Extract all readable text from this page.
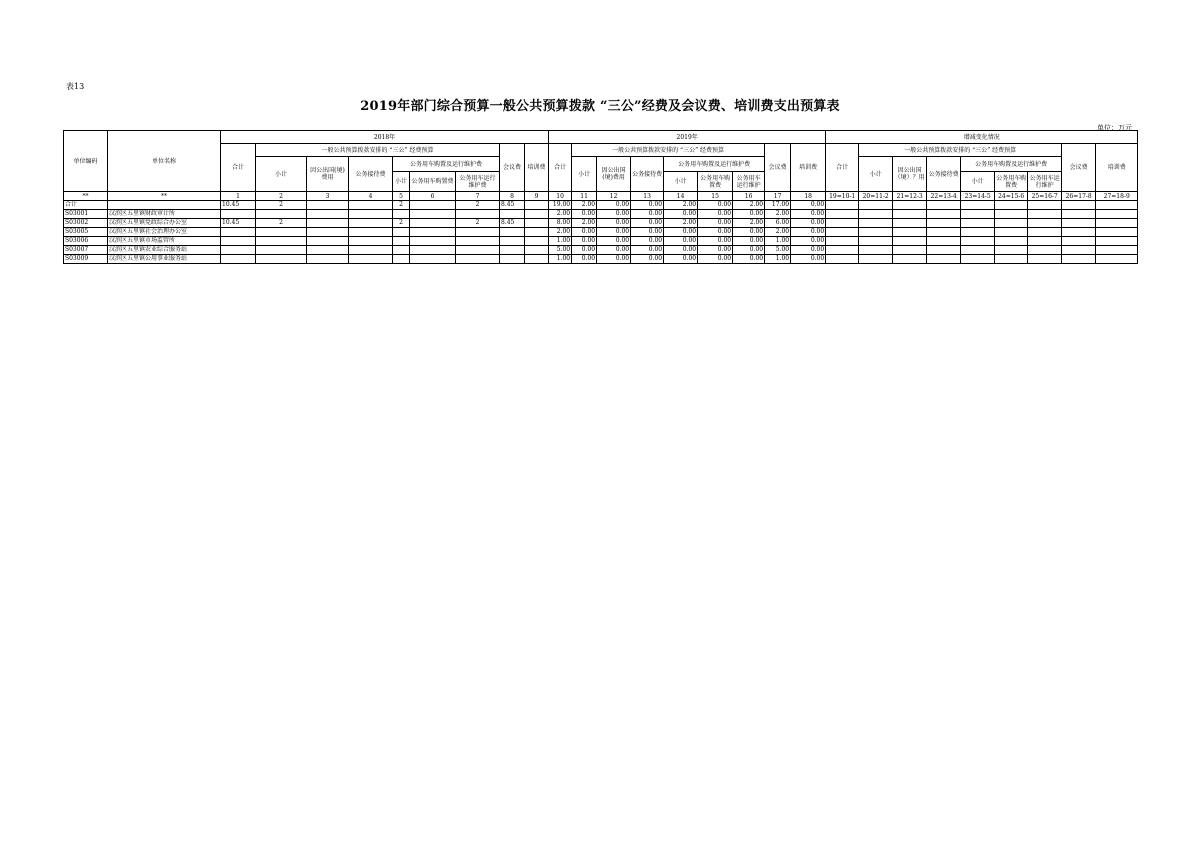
表13
2019年部门综合预算一般公共预算拨款 “三公”经费及会议费、培训费支出预算表
单位：万元
单位编码	单位名称	2018年									2019年									增减变化情况								
		合计	一般公共预算拨款安排的 “三公” 经费预算						会议费	培训费	合计	一般公共预算拨款安排的 “三公” 经费预算						会议费	培训费	合计	一般公共预算拨款安排的 “三公” 经费预算						会议费	培训费
			小计	因公出国(境)费用	公务接待费	公务用车购置及运行维护费						小计	因公出国(境)费用	公务接待费	公务用车购置及运行维护费						小计	因公出国（境）？用	公务接待费	公务用车购置及运行维护费				
						小计	公务用车购置费	公务用车运行维护费							小计	公务用车购置费	公务用车运行维护							小计	公务用车购置费	公务用车运行维护		

**	**	1	2	3	4	5	6	7	8	9	10	11	12	13	14	15	16	17	18	19=10-1	20=11-2	21=12-3	22=13-4	23=14-5	24=15-6	25=16-7	26=17-8	27=18-9
合计		10.45	2			2		2	8.45		19.00	2.00	0.00	0.00	2.00	0.00	2.00	17.00	0.00									
S03001	汉滨区五里镇财政审计所										2.00	0.00	0.00	0.00	0.00	0.00	0.00	2.00	0.00									
S03002	汉滨区五里镇党政综合办公室	10.45	2			2		2	8.45		8.00	2.00	0.00	0.00	2.00	0.00	2.00	6.00	0.00									
S03005	汉滨区五里镇社会治理办公室										2.00	0.00	0.00	0.00	0.00	0.00	0.00	2.00	0.00									
S03006	汉滨区五里镇市场监管所										1.00	0.00	0.00	0.00	0.00	0.00	0.00	1.00	0.00									
S03007	汉滨区五里镇农业综合服务站										5.00	0.00	0.00	0.00	0.00	0.00	0.00	5.00	0.00									
S03009	汉滨区五里镇公用事业服务站										1.00	0.00	0.00	0.00	0.00	0.00	0.00	1.00	0.00									
